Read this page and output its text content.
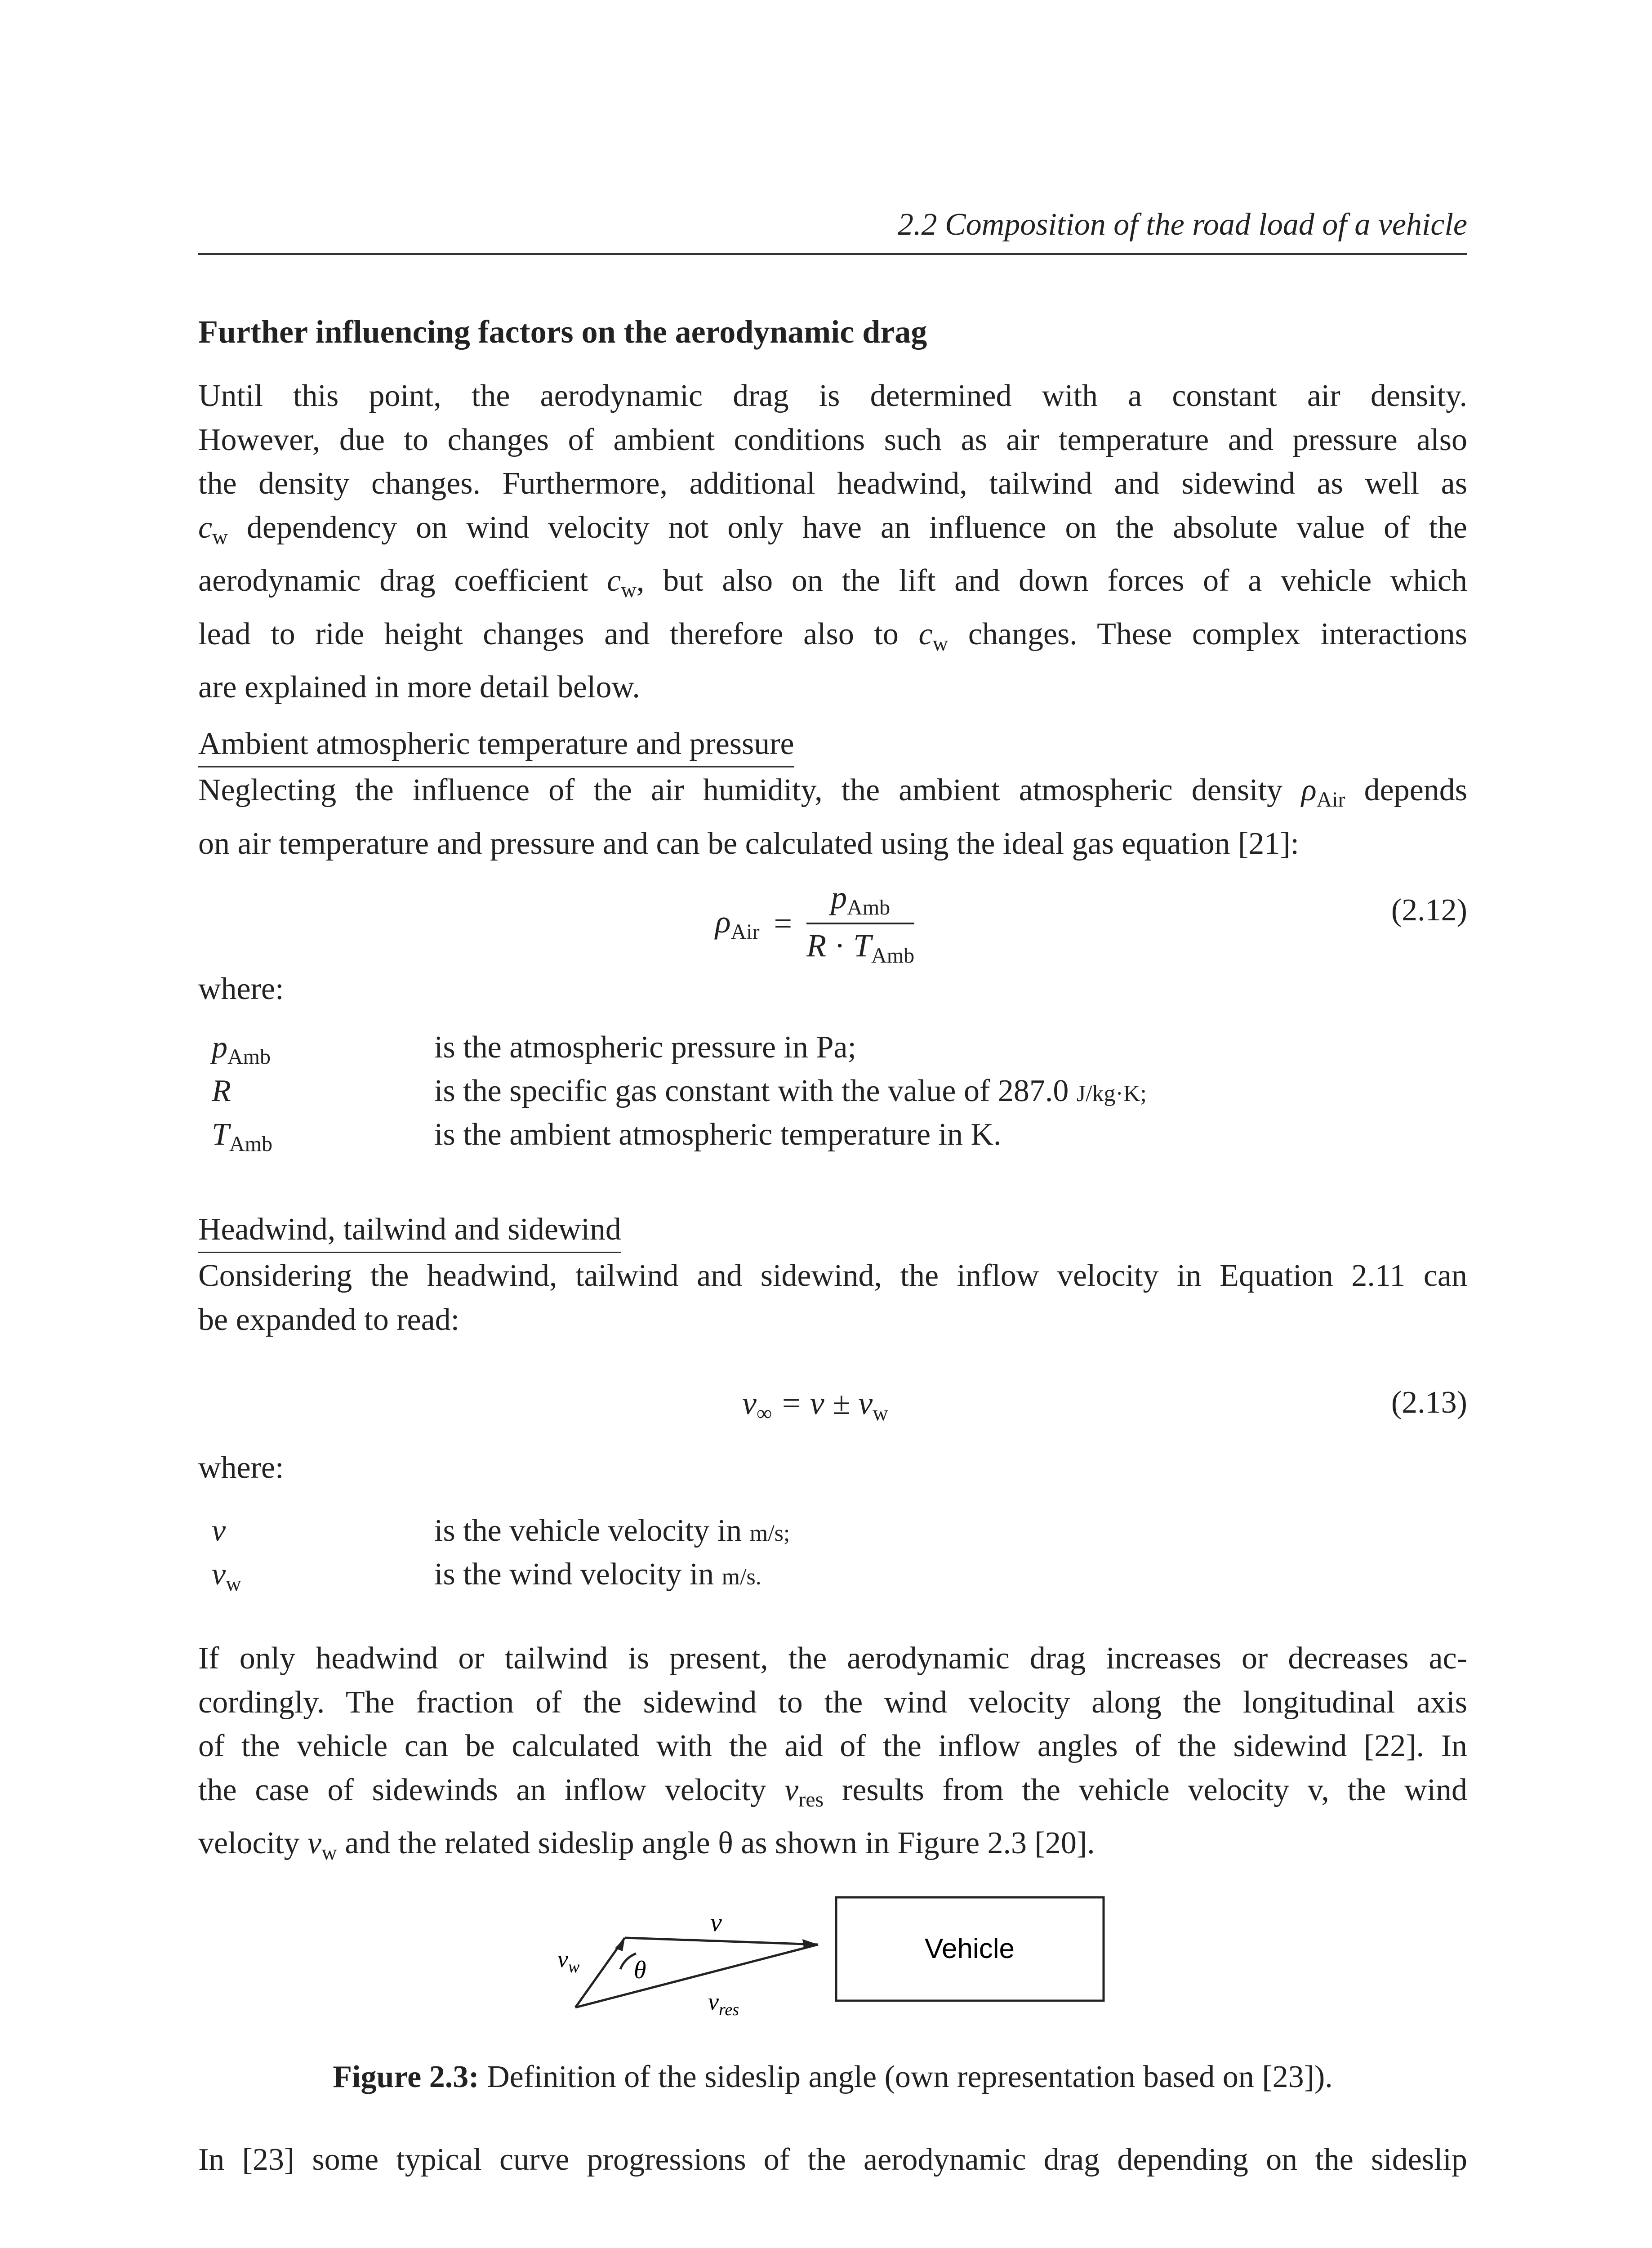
2.2 Composition of the road load of a vehicle
Further influencing factors on the aerodynamic drag

Until this point, the aerodynamic drag is determined with a constant air density.
However, due to changes of ambient conditions such as air temperature and pressure also
the density changes. Furthermore, additional headwind, tailwind and sidewind as well as
$c_w$ dependency on wind velocity not only have an influence on the absolute value of the
aerodynamic drag coefficient $c_w$, but also on the lift and down forces of a vehicle which
lead to ride height changes and therefore also to $c_w$ changes. These complex interactions
are explained in more detail below.

Ambient atmospheric temperature and pressure

Neglecting the influence of the air humidity, the ambient atmospheric density $\rho_{Air}$ depends
on air temperature and pressure and can be calculated using the ideal gas equation [21]:

$\rho Air = \frac{\text{pAmb}}{\text{R · TAmb}}$	(2.12)
where:
$p_{Amb}$	is the atmospheric pressure in Pa;
R	is the specific gas constant with the value of 287.0 J/kg·K;
$T_{Amb}$	is the ambient atmospheric temperature in K.
Headwind, tailwind and sidewind

Considering the headwind, tailwind and sidewind, the inflow velocity in Equation 2.11 can
be expanded to read:

v∞ = v ± vw	(2.13)
where:
v	is the vehicle velocity in m/s;
$v_w$	is the wind velocity in m/s.

If only headwind or tailwind is present, the aerodynamic drag increases or decreases ac-
cordingly. The fraction of the sidewind to the wind velocity along the longitudinal axis
of the vehicle can be calculated with the aid of the inflow angles of the sidewind [22]. In
the case of sidewinds an inflow velocity $v_{res}$ results from the vehicle velocity v, the wind
velocity $v_w$ and the related sideslip angle θ as shown in Figure 2.3 [20].

v
$v_w$ θ
$v_{res}$
Vehicle
Figure 2.3: Definition of the sideslip angle (own representation based on [23]).

In [23] some typical curve progressions of the aerodynamic drag depending on the sideslip
